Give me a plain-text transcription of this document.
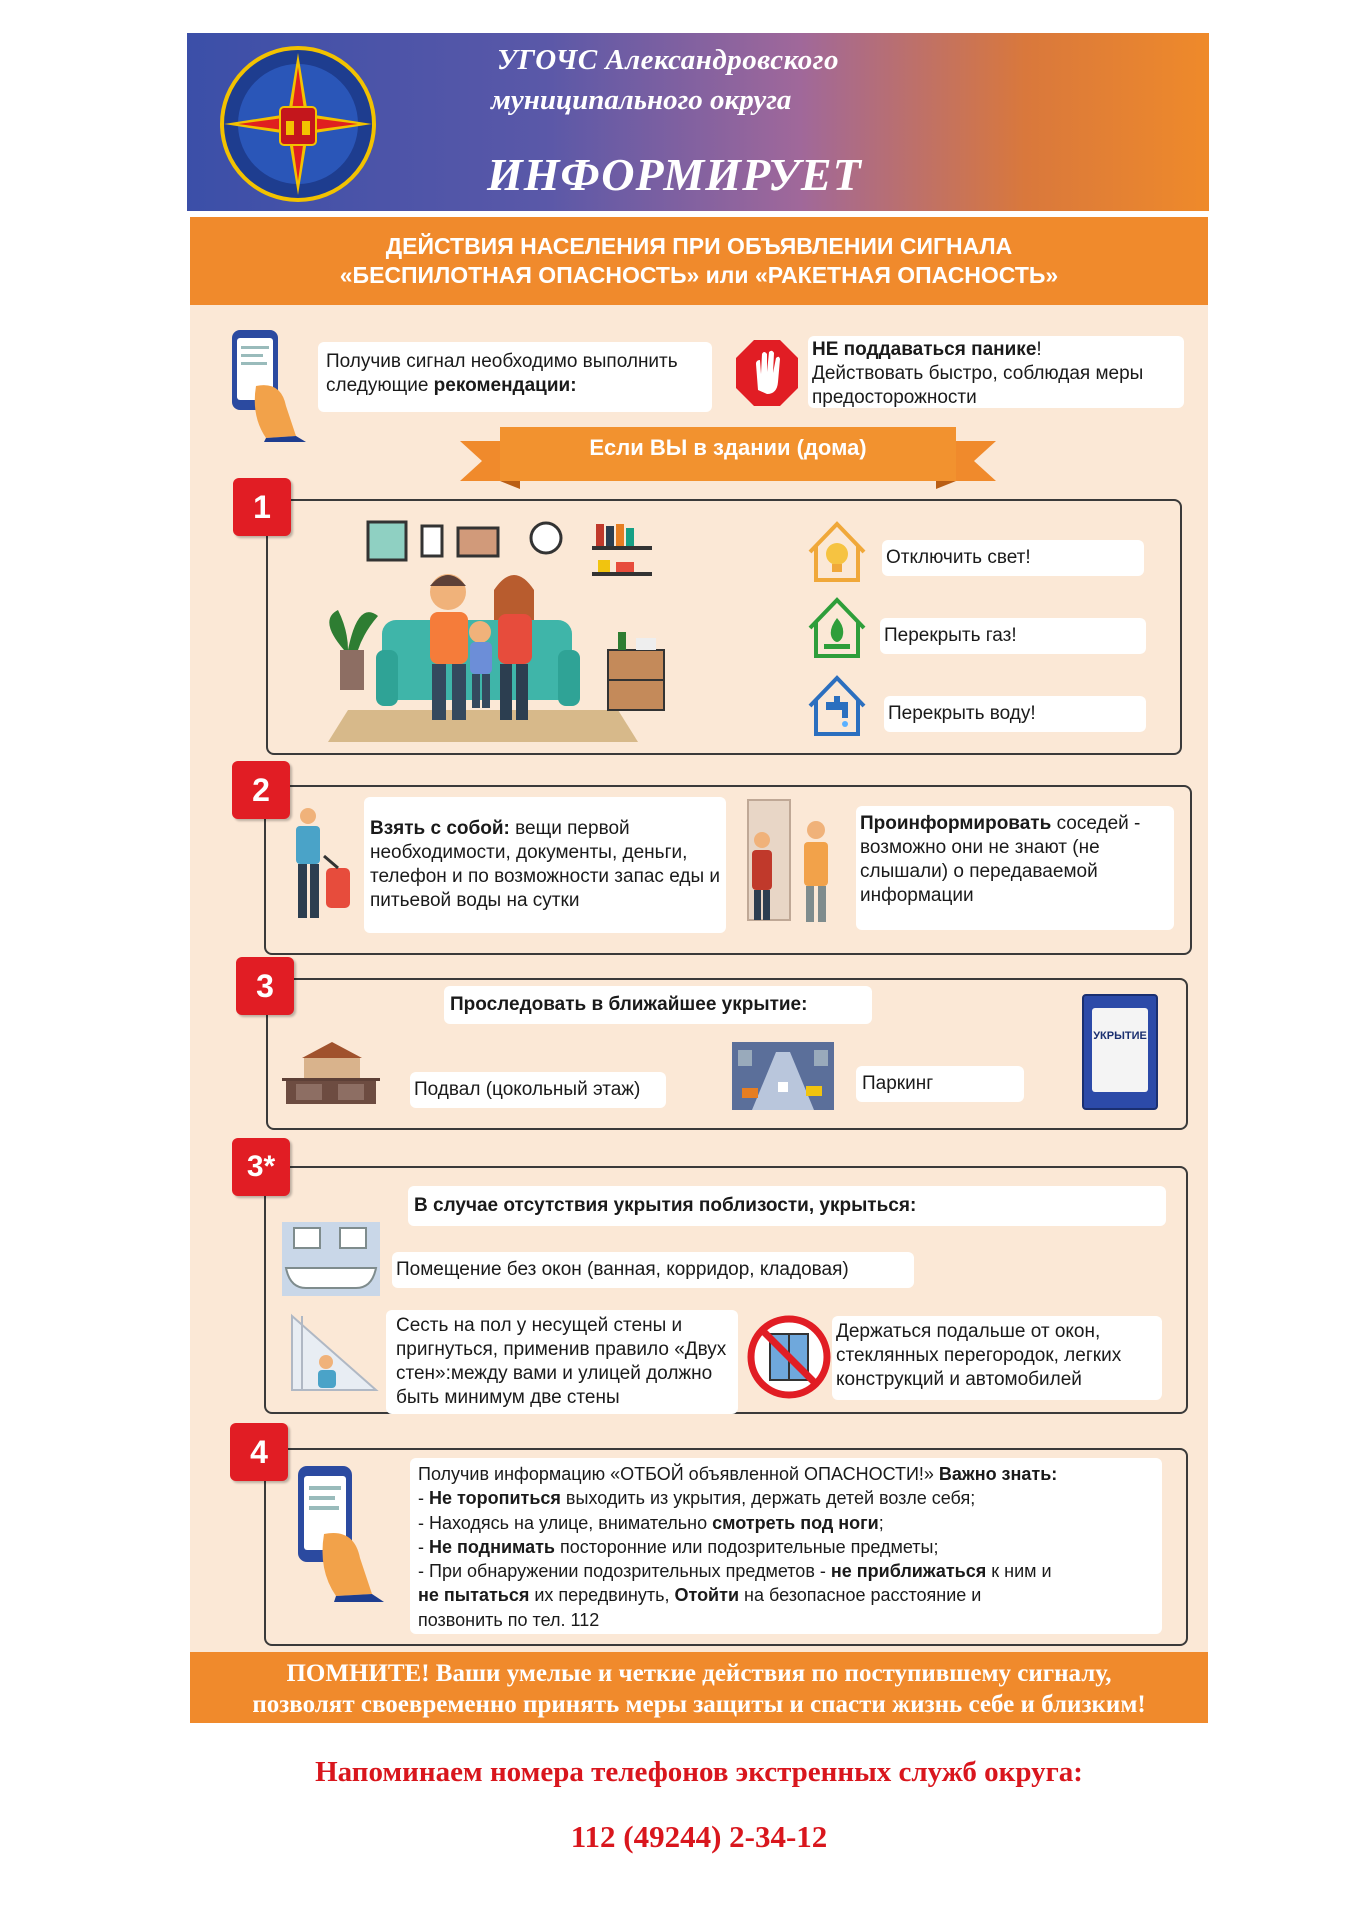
УГОЧС Александровского
муниципального округа
ИНФОРМИРУЕТ
ДЕЙСТВИЯ НАСЕЛЕНИЯ ПРИ ОБЪЯВЛЕНИИ СИГНАЛА
«БЕСПИЛОТНАЯ ОПАСНОСТЬ» или «РАКЕТНАЯ ОПАСНОСТЬ»
Получив сигнал необходимо выполнить следующие рекомендации:
НЕ поддаваться панике!
Действовать быстро, соблюдая меры предосторожности
Если ВЫ в здании (дома)
1
Отключить свет!
Перекрыть газ!
Перекрыть воду!
2
Взять с собой: вещи первой необходимости, документы, деньги, телефон и по возможности запас еды и питьевой воды на сутки
Проинформировать соседей - возможно они не знают (не слышали) о передаваемой информации
3
Проследовать в ближайшее укрытие:
Подвал (цокольный этаж)	Паркинг
УКРЫТИЕ
3*
В случае отсутствия укрытия поблизости, укрыться:
Помещение без окон (ванная, корридор, кладовая)
Сесть на пол у несущей стены и пригнуться, применив правило «Двух стен»:между вами и улицей должно быть минимум две стены
Держаться подальше от окон, стеклянных перегородок, легких конструкций и автомобилей
4
Получив информацию «ОТБОЙ объявленной ОПАСНОСТИ!» Важно знать:
- Не торопиться выходить из укрытия, держать детей возле себя;
- Находясь на улице, внимательно смотреть под ноги;
- Не поднимать посторонние или подозрительные предметы;
- При обнаружении подозрительных предметов - не приближаться к ним и
не пытаться их передвинуть, Отойти на безопасное расстояние и
позвонить по тел. 112
ПОМНИТЕ! Ваши умелые и четкие действия по поступившему сигналу,
позволят своевременно принять меры защиты и спасти жизнь себе и близким!
Напоминаем номера телефонов экстренных служб округа:
112 (49244) 2-34-12
